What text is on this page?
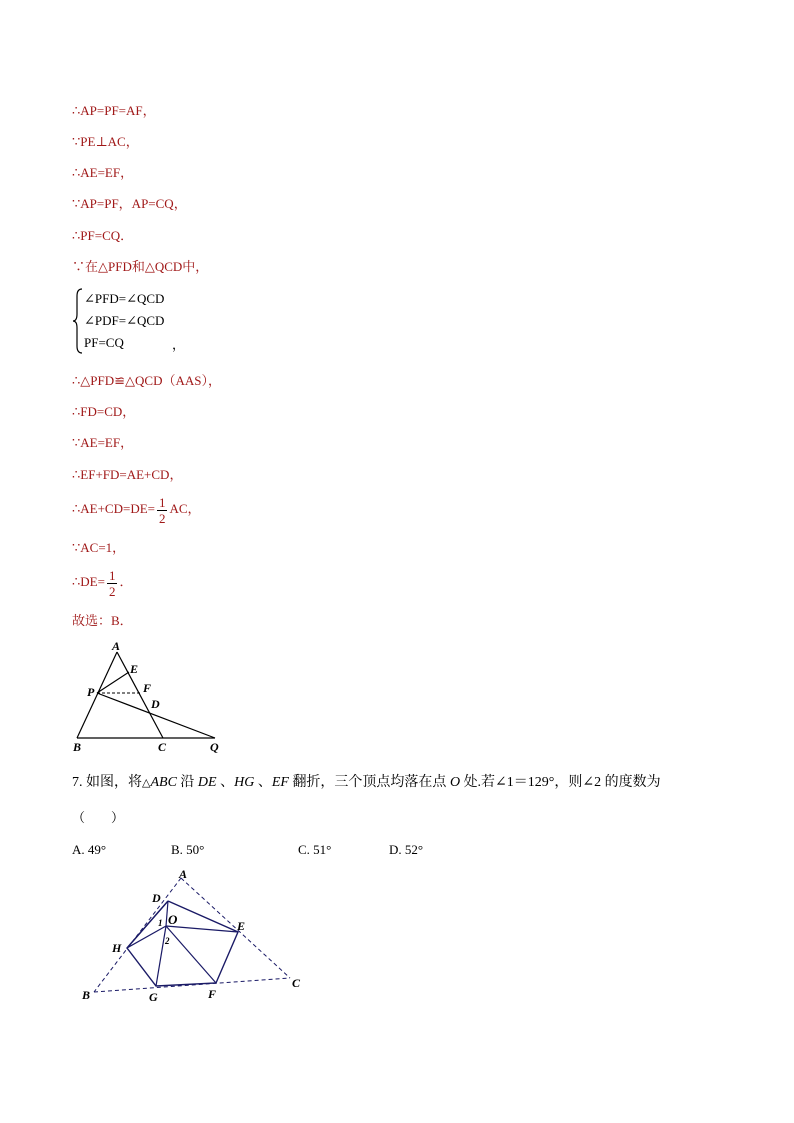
∴AP=PF=AF，
∵PE⊥AC，
∴AE=EF，
∵AP=PF，AP=CQ，
∴PF=CQ．
∵在△PFD和△QCD中，
∠PFD=∠QCD
∠PDF=∠QCD
PF=CQ	，
∴△PFD≌△QCD（AAS），
∴FD=CD，
∵AE=EF，
∴EF+FD=AE+CD，
∴AE+CD=DE= $\frac{1}{2}$ AC，
∵AC=1，
∴DE= $\frac{1}{2}$ ．
故选：B．
A
E
P	F
D
B	C	Q
7. 如图，将△ABC 沿 DE 、HG 、EF 翻折，三个顶点均落在点 O 处.若∠1＝129°，则∠2 的度数为
（　　）
A. 49°	B. 50°	C. 51°	D. 52°
A
D
O
1
2
E
H
B	G	F
C
